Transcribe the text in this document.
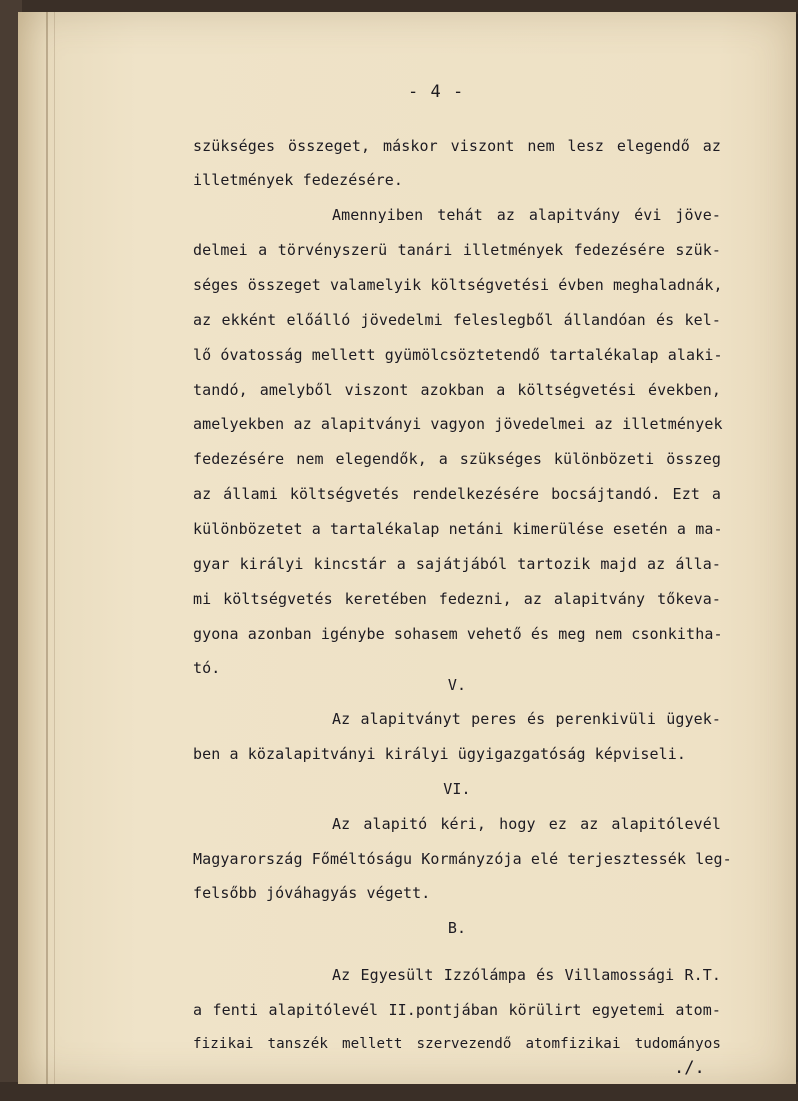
- 4 -
szükséges összeget, máskor viszont nem lesz elegendő az
illetmények fedezésére.
Amennyiben tehát az alapitvány évi jöve-
delmei a törvényszerü tanári illetmények fedezésére szük-
séges összeget valamelyik költségvetési évben meghaladnák,
az ekként előálló jövedelmi feleslegből állandóan és kel-
lő óvatosság mellett gyümölcsöztetendő tartalékalap alaki-
tandó, amelyből viszont azokban a költségvetési években,
amelyekben az alapitványi vagyon jövedelmei az illetmények
fedezésére nem elegendők, a szükséges különbözeti összeg
az állami költségvetés rendelkezésére bocsájtandó. Ezt a
különbözetet a tartalékalap netáni kimerülése esetén a ma-
gyar királyi kincstár a sajátjából tartozik majd az álla-
mi költségvetés keretében fedezni, az alapitvány tőkeva-
gyona azonban igénybe sohasem vehető és meg nem csonkitha-
tó.
V.
Az alapitványt peres és perenkivüli ügyek-
ben a közalapitványi királyi ügyigazgatóság képviseli.
VI.
Az alapitó kéri, hogy ez az alapitólevél
Magyarország Főméltóságu Kormányzója elé terjesztessék leg-
felsőbb jóváhagyás végett.
B.
Az Egyesült Izzólámpa és Villamossági R.T.
a fenti alapitólevél II.pontjában körülirt egyetemi atom-
fizikai tanszék mellett szervezendő atomfizikai tudományos
./.
